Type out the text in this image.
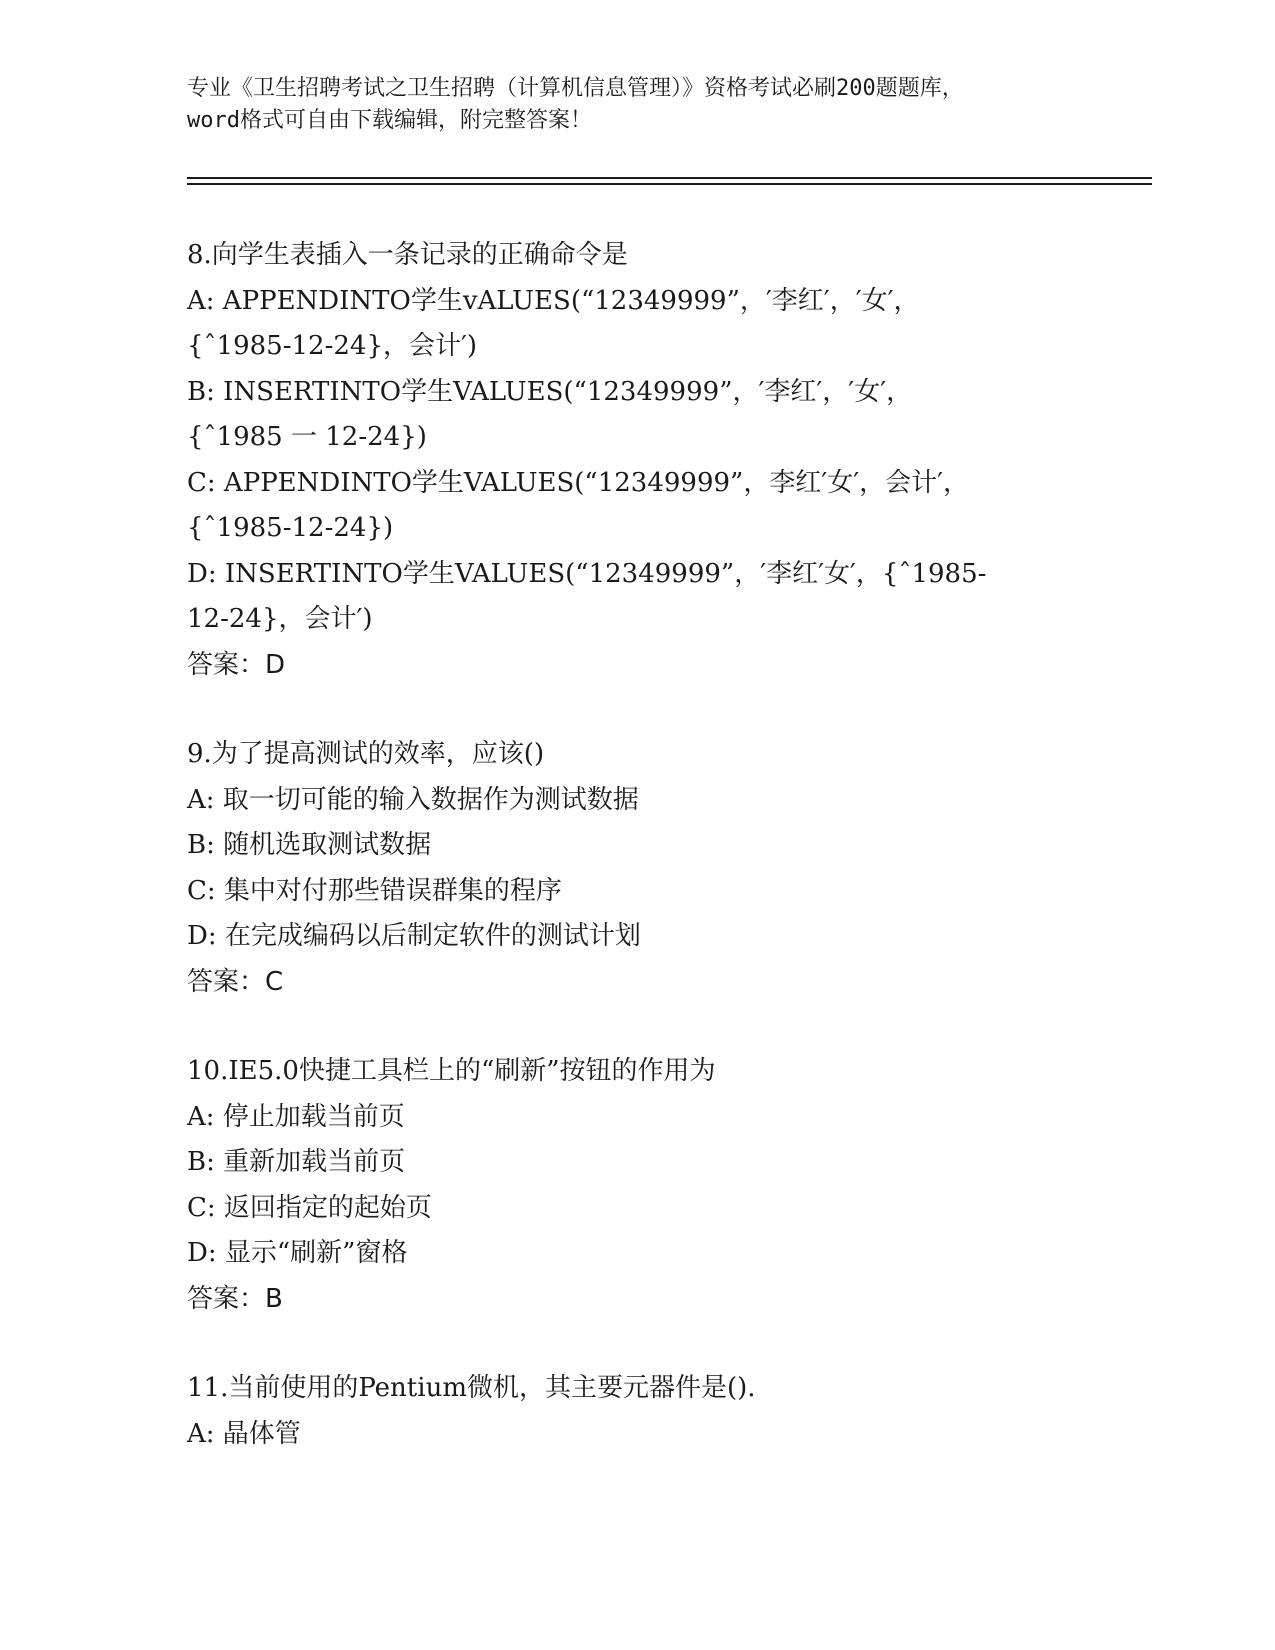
专业《卫生招聘考试之卫生招聘（计算机信息管理）》资格考试必刷200题题库，
word格式可自由下载编辑，附完整答案！
8.向学生表插入一条记录的正确命令是
A: APPENDINTO学生vALUES(“12349999”，′李红′，′女′，
{ˆ1985-12-24}，会计′)
B: INSERTINTO学生VALUES(“12349999”，′李红′，′女′，
{ˆ1985 一 12-24})
C: APPENDINTO学生VALUES(“12349999”，李红′女′，会计′，
{ˆ1985-12-24})
D: INSERTINTO学生VALUES(“12349999”，′李红′女′，{ˆ1985-
12-24}，会计′)
答案：D
9.为了提高测试的效率，应该()
A: 取一切可能的输入数据作为测试数据
B: 随机选取测试数据
C: 集中对付那些错误群集的程序
D: 在完成编码以后制定软件的测试计划
答案：C
10.IE5.0快捷工具栏上的“刷新”按钮的作用为
A: 停止加载当前页
B: 重新加载当前页
C: 返回指定的起始页
D: 显示“刷新”窗格
答案：B
11.当前使用的Pentium微机，其主要元器件是().
A: 晶体管
